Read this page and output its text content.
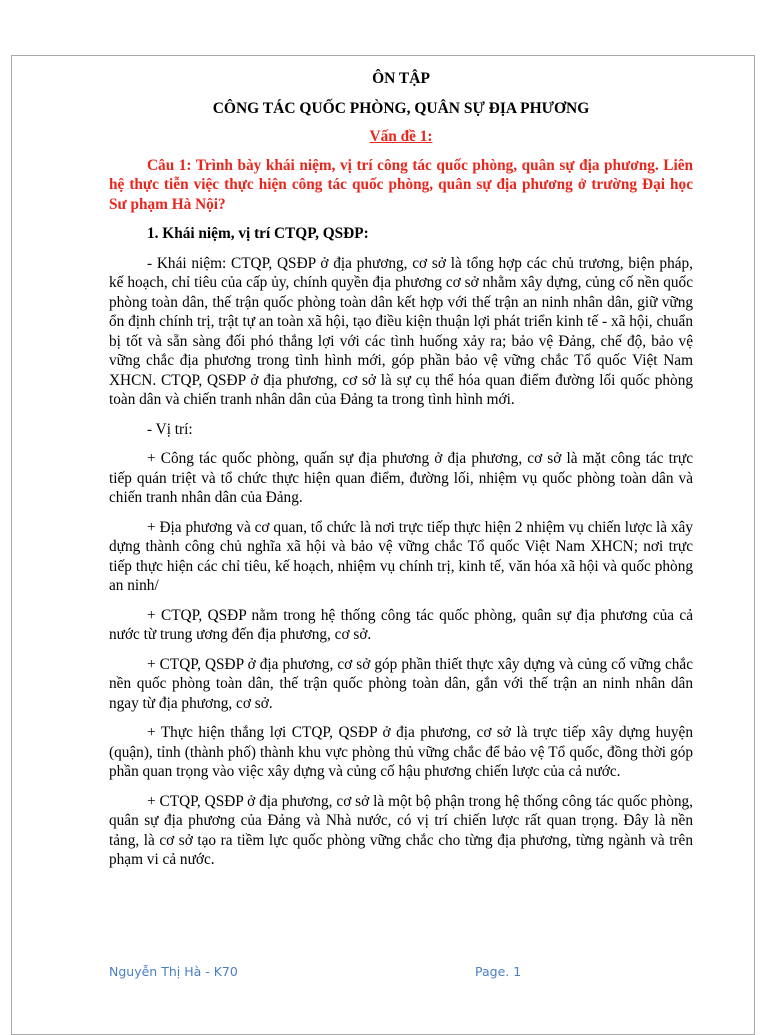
ÔN TẬP
CÔNG TÁC QUỐC PHÒNG, QUÂN SỰ ĐỊA PHƯƠNG
Vấn đề 1:
Câu 1: Trình bày khái niệm, vị trí công tác quốc phòng, quân sự địa phương. Liên hệ thực tiễn việc thực hiện công tác quốc phòng, quân sự địa phương ở trường Đại học Sư phạm Hà Nội?
1. Khái niệm, vị trí CTQP, QSĐP:
- Khái niệm: CTQP, QSĐP ở địa phương, cơ sở là tổng hợp các chủ trương, biện pháp, kế hoạch, chỉ tiêu của cấp ủy, chính quyền địa phương cơ sở nhằm xây dựng, củng cố nền quốc phòng toàn dân, thế trận quốc phòng toàn dân kết hợp với thế trận an ninh nhân dân, giữ vững ổn định chính trị, trật tự an toàn xã hội, tạo điều kiện thuận lợi phát triển kinh tế - xã hội, chuẩn bị tốt và sẵn sàng đối phó thắng lợi với các tình huống xảy ra; bảo vệ Đảng, chế độ, bảo vệ vững chắc địa phương trong tình hình mới, góp phần bảo vệ vững chắc Tổ quốc Việt Nam XHCN. CTQP, QSĐP ở địa phương, cơ sở là sự cụ thể hóa quan điểm đường lối quốc phòng toàn dân và chiến tranh nhân dân của Đảng ta trong tình hình mới.
- Vị trí:
+ Công tác quốc phòng, quấn sự địa phương ở địa phương, cơ sở là mặt công tác trực tiếp quán triệt và tổ chức thực hiện quan điểm, đường lối, nhiệm vụ quốc phòng toàn dân và chiến tranh nhân dân của Đảng.
+ Địa phương và cơ quan, tổ chức là nơi trực tiếp thực hiện 2 nhiệm vụ chiến lược là xây dựng thành công chủ nghĩa xã hội và bảo vệ vững chắc Tổ quốc Việt Nam XHCN; nơi trực tiếp thực hiện các chỉ tiêu, kế hoạch, nhiệm vụ chính trị, kinh tế, văn hóa xã hội và quốc phòng an ninh/
+ CTQP, QSĐP nằm trong hệ thống công tác quốc phòng, quân sự địa phương của cả nước từ trung ương đến địa phương, cơ sở.
+ CTQP, QSĐP ở địa phương, cơ sở góp phần thiết thực xây dựng và củng cố vững chắc nền quốc phòng toàn dân, thế trận quốc phòng toàn dân, gắn với thế trận an ninh nhân dân ngay từ địa phương, cơ sở.
+ Thực hiện thắng lợi CTQP, QSĐP ở địa phương, cơ sở là trực tiếp xây dựng huyện (quận), tỉnh (thành phố) thành khu vực phòng thủ vững chắc để bảo vệ Tổ quốc, đồng thời góp phần quan trọng vào việc xây dựng và củng cố hậu phương chiến lược của cả nước.
+ CTQP, QSĐP ở địa phương, cơ sở là một bộ phận trong hệ thống công tác quốc phòng, quân sự địa phương của Đảng và Nhà nước, có vị trí chiến lược rất quan trọng. Đây là nền tảng, là cơ sở tạo ra tiềm lực quốc phòng vững chắc cho từng địa phương, từng ngành và trên phạm vi cả nước.
Nguyễn Thị Hà - K70	Page. 1
